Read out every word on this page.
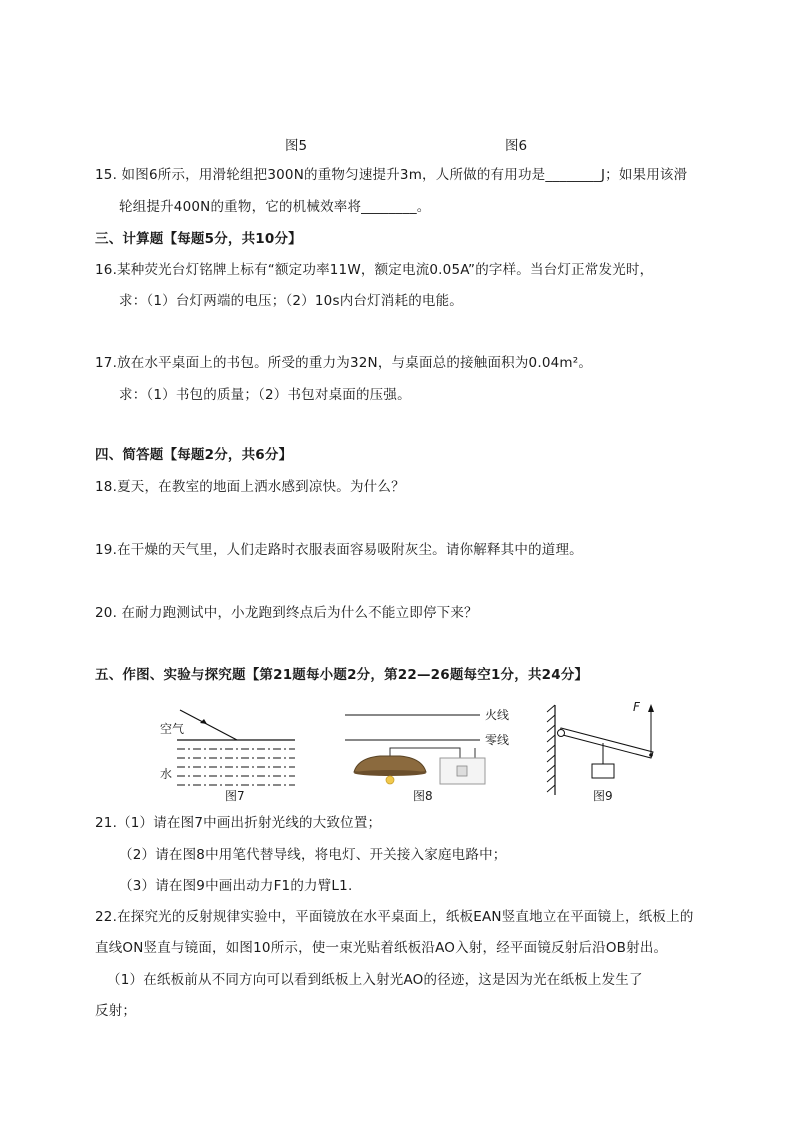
图5	图6
15. 如图6所示，用滑轮组把300N的重物匀速提升3m，人所做的有用功是________J；如果用该滑
轮组提升400N的重物，它的机械效率将________。
三、计算题【每题5分，共10分】
16.某种荧光台灯铭牌上标有“额定功率11W，额定电流0.05A”的字样。当台灯正常发光时，
求：（1）台灯两端的电压；（2）10s内台灯消耗的电能。
17.放在水平桌面上的书包。所受的重力为32N，与桌面总的接触面积为0.04m²。
求：（1）书包的质量；（2）书包对桌面的压强。
四、简答题【每题2分，共6分】
18.夏天，在教室的地面上洒水感到凉快。为什么？
19.在干燥的天气里，人们走路时衣服表面容易吸附灰尘。请你解释其中的道理。
20. 在耐力跑测试中，小龙跑到终点后为什么不能立即停下来？
五、作图、实验与探究题【第21题每小题2分，第22—26题每空1分，共24分】
空气
水
图7
火线
零线
图8
F
图9
21.（1）请在图7中画出折射光线的大致位置；
（2）请在图8中用笔代替导线，将电灯、开关接入家庭电路中；
（3）请在图9中画出动力F1的力臂L1.
22.在探究光的反射规律实验中，平面镜放在水平桌面上，纸板EAN竖直地立在平面镜上，纸板上的
直线ON竖直与镜面，如图10所示，使一束光贴着纸板沿AO入射，经平面镜反射后沿OB射出。
（1）在纸板前从不同方向可以看到纸板上入射光AO的径迹，这是因为光在纸板上发生了
反射；
